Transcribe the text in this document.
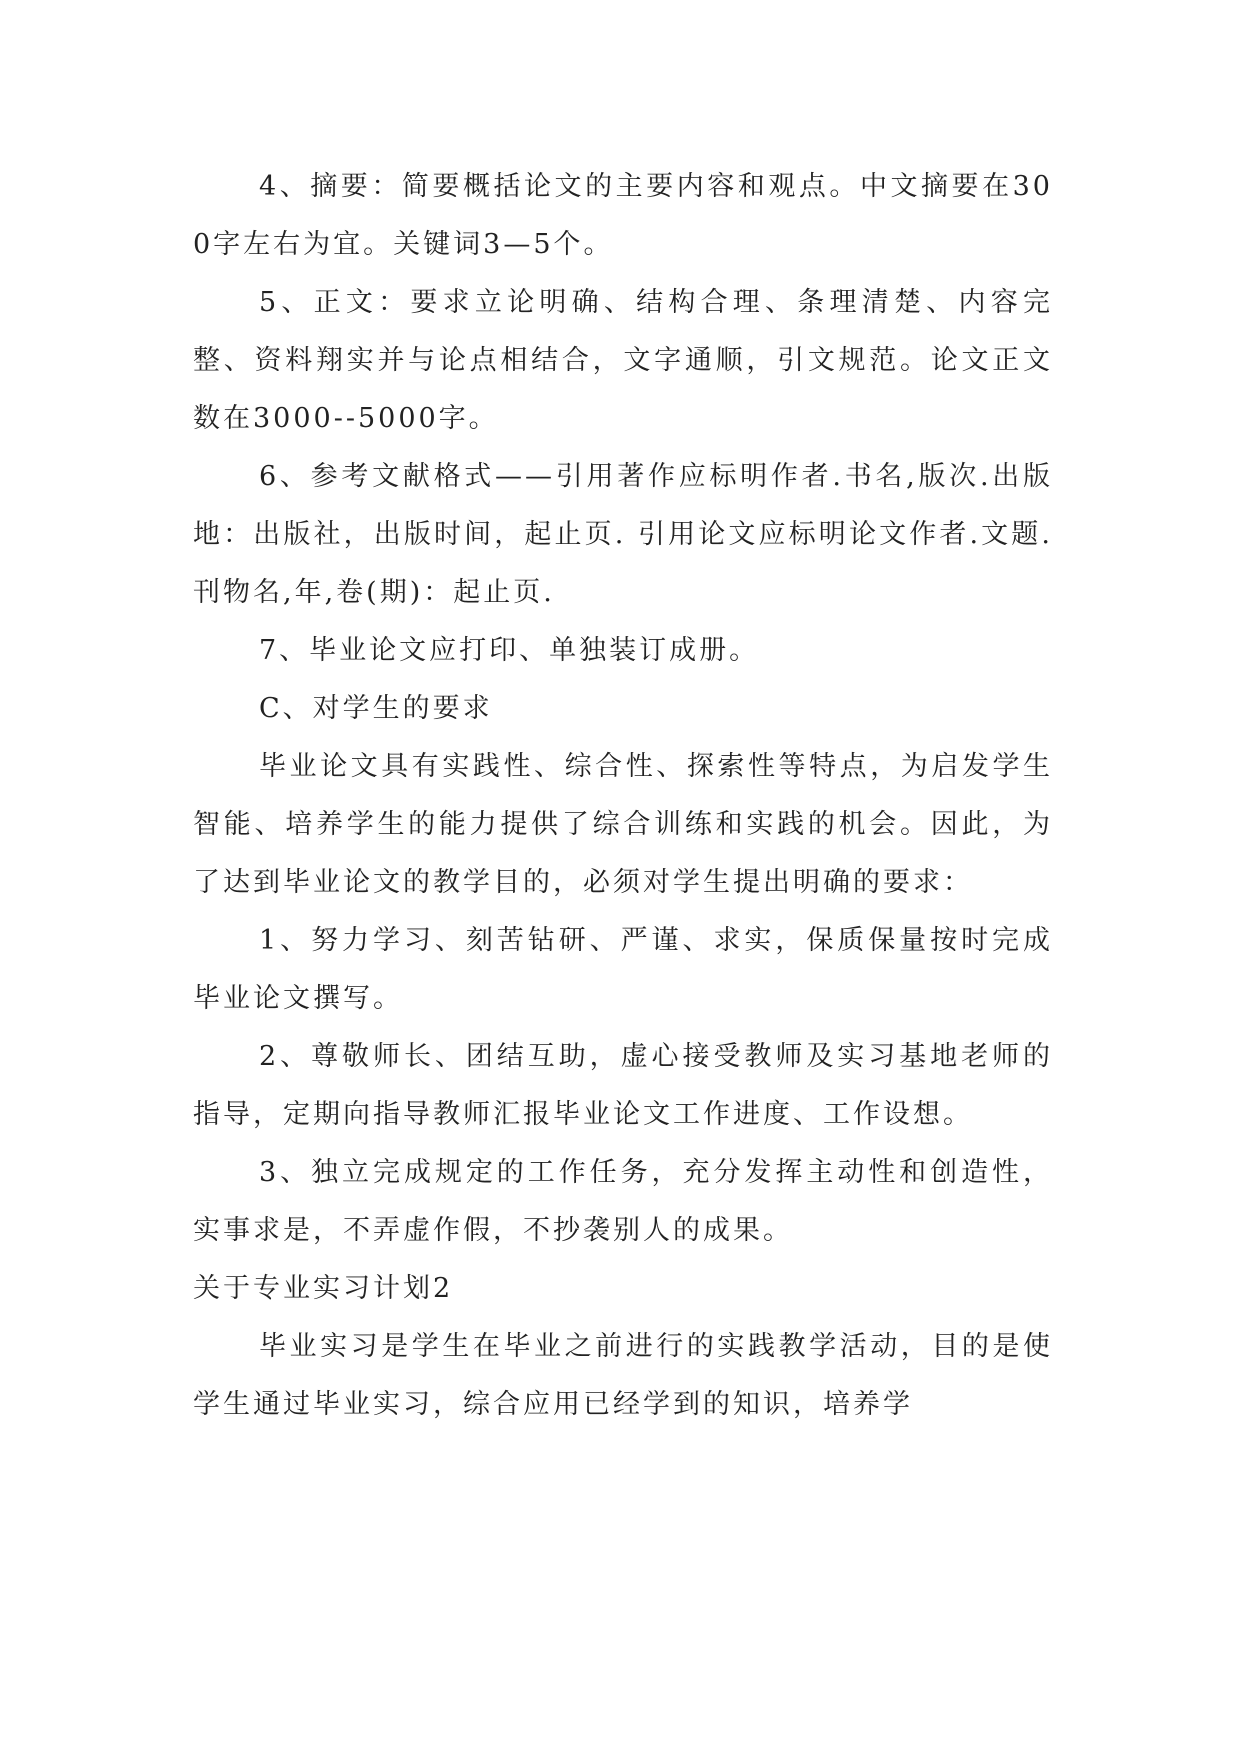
4、摘要：简要概括论文的主要内容和观点。中文摘要在300字左右为宜。关键词3—5个。

5、正文：要求立论明确、结构合理、条理清楚、内容完整、资料翔实并与论点相结合，文字通顺，引文规范。论文正文数在3000--5000字。

6、参考文献格式——引用著作应标明作者.书名,版次.出版地：出版社，出版时间，起止页. 引用论文应标明论文作者.文题.刊物名,年,卷(期)：起止页.

7、毕业论文应打印、单独装订成册。

C、对学生的要求

毕业论文具有实践性、综合性、探索性等特点，为启发学生智能、培养学生的能力提供了综合训练和实践的机会。因此，为了达到毕业论文的教学目的，必须对学生提出明确的要求：

1、努力学习、刻苦钻研、严谨、求实，保质保量按时完成毕业论文撰写。

2、尊敬师长、团结互助，虚心接受教师及实习基地老师的指导，定期向指导教师汇报毕业论文工作进度、工作设想。

3、独立完成规定的工作任务，充分发挥主动性和创造性，实事求是，不弄虚作假，不抄袭别人的成果。

关于专业实习计划2

毕业实习是学生在毕业之前进行的实践教学活动，目的是使学生通过毕业实习，综合应用已经学到的知识，培养学
